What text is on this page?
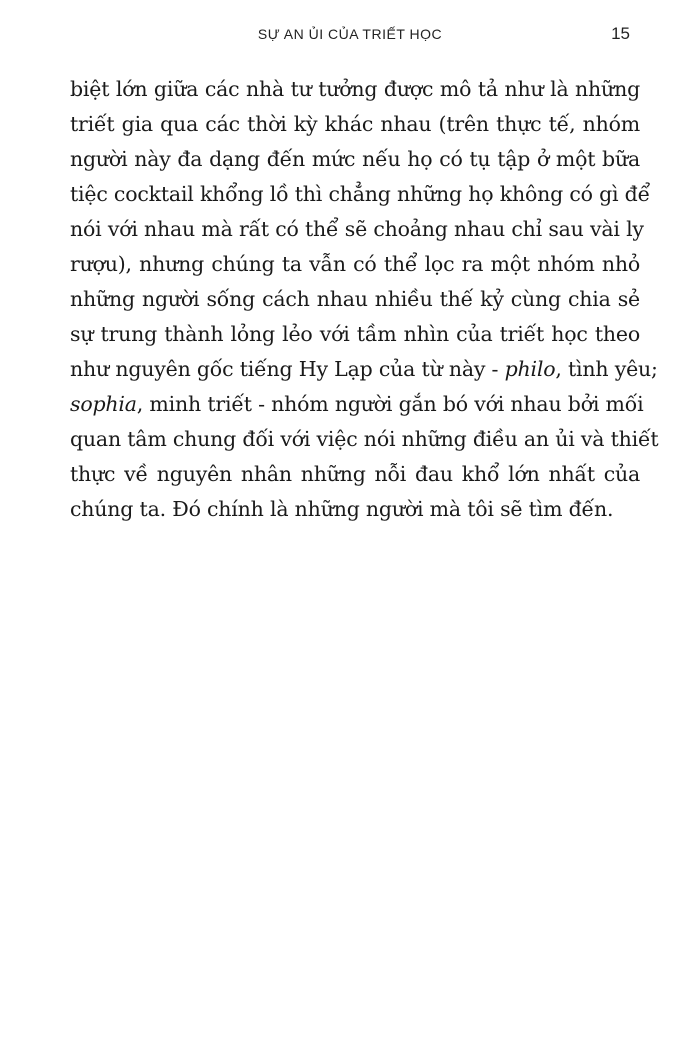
SỰ AN ỦI CỦA TRIẾT HỌC	15
biệt lớn giữa các nhà tư tưởng được mô tả như là những
triết gia qua các thời kỳ khác nhau (trên thực tế, nhóm
người này đa dạng đến mức nếu họ có tụ tập ở một bữa
tiệc cocktail khổng lồ thì chẳng những họ không có gì để
nói với nhau mà rất có thể sẽ choảng nhau chỉ sau vài ly
rượu), nhưng chúng ta vẫn có thể lọc ra một nhóm nhỏ
những người sống cách nhau nhiều thế kỷ cùng chia sẻ
sự trung thành lỏng lẻo với tầm nhìn của triết học theo
như nguyên gốc tiếng Hy Lạp của từ này - philo, tình yêu;
sophia, minh triết - nhóm người gắn bó với nhau bởi mối
quan tâm chung đối với việc nói những điều an ủi và thiết
thực về nguyên nhân những nỗi đau khổ lớn nhất của
chúng ta. Đó chính là những người mà tôi sẽ tìm đến.
